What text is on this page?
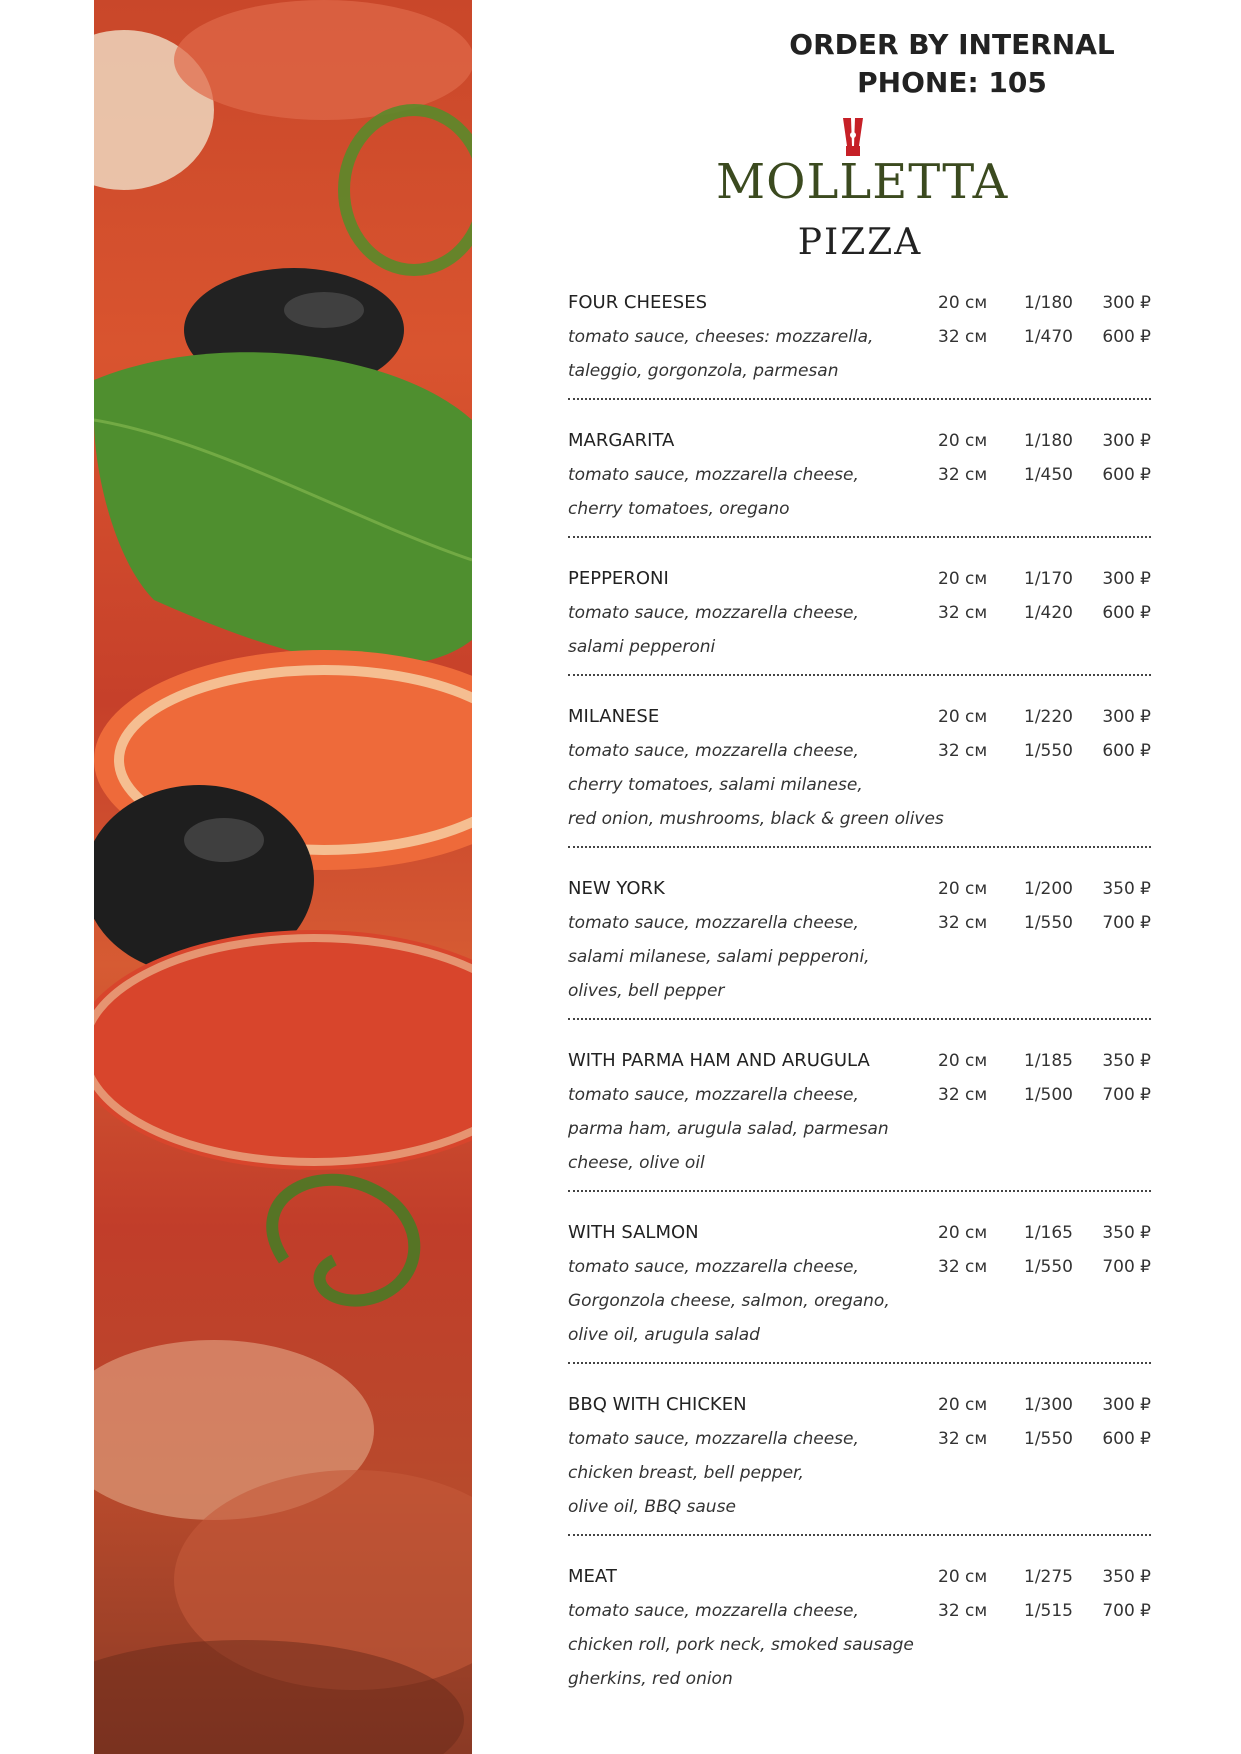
ORDER BY INTERNAL
PHONE: 105
MOLLETTA
PIZZA
FOUR CHEESES	20 см 1/180 300 ₽
tomato sauce, cheeses: mozzarella,	32 см 1/470 600 ₽
taleggio, gorgonzola, parmesan
MARGARITA	20 см 1/180 300 ₽
tomato sauce, mozzarella cheese,	32 см 1/450 600 ₽
cherry tomatoes, oregano
PEPPERONI	20 см 1/170 300 ₽
tomato sauce, mozzarella cheese,	32 см 1/420 600 ₽
salami pepperoni
MILANESE	20 см 1/220 300 ₽
tomato sauce, mozzarella cheese,	32 см 1/550 600 ₽
cherry tomatoes, salami milanese,
red onion, mushrooms, black & green olives
NEW YORK	20 см 1/200 350 ₽
tomato sauce, mozzarella cheese,	32 см 1/550 700 ₽
salami milanese, salami pepperoni,
olives, bell pepper
WITH PARMA HAM AND ARUGULA	20 см 1/185 350 ₽
tomato sauce, mozzarella cheese,	32 см 1/500 700 ₽
parma ham, arugula salad, parmesan
cheese, olive oil
WITH SALMON	20 см 1/165 350 ₽
tomato sauce, mozzarella cheese,	32 см 1/550 700 ₽
Gorgonzola cheese, salmon, oregano,
olive oil, arugula salad
BBQ WITH CHICKEN	20 см 1/300 300 ₽
tomato sauce, mozzarella cheese,	32 см 1/550 600 ₽
chicken breast, bell pepper,
olive oil, BBQ sause
MEAT	20 см 1/275 350 ₽
tomato sauce, mozzarella cheese,	32 см 1/515 700 ₽
chicken roll, pork neck, smoked sausage
gherkins, red onion
